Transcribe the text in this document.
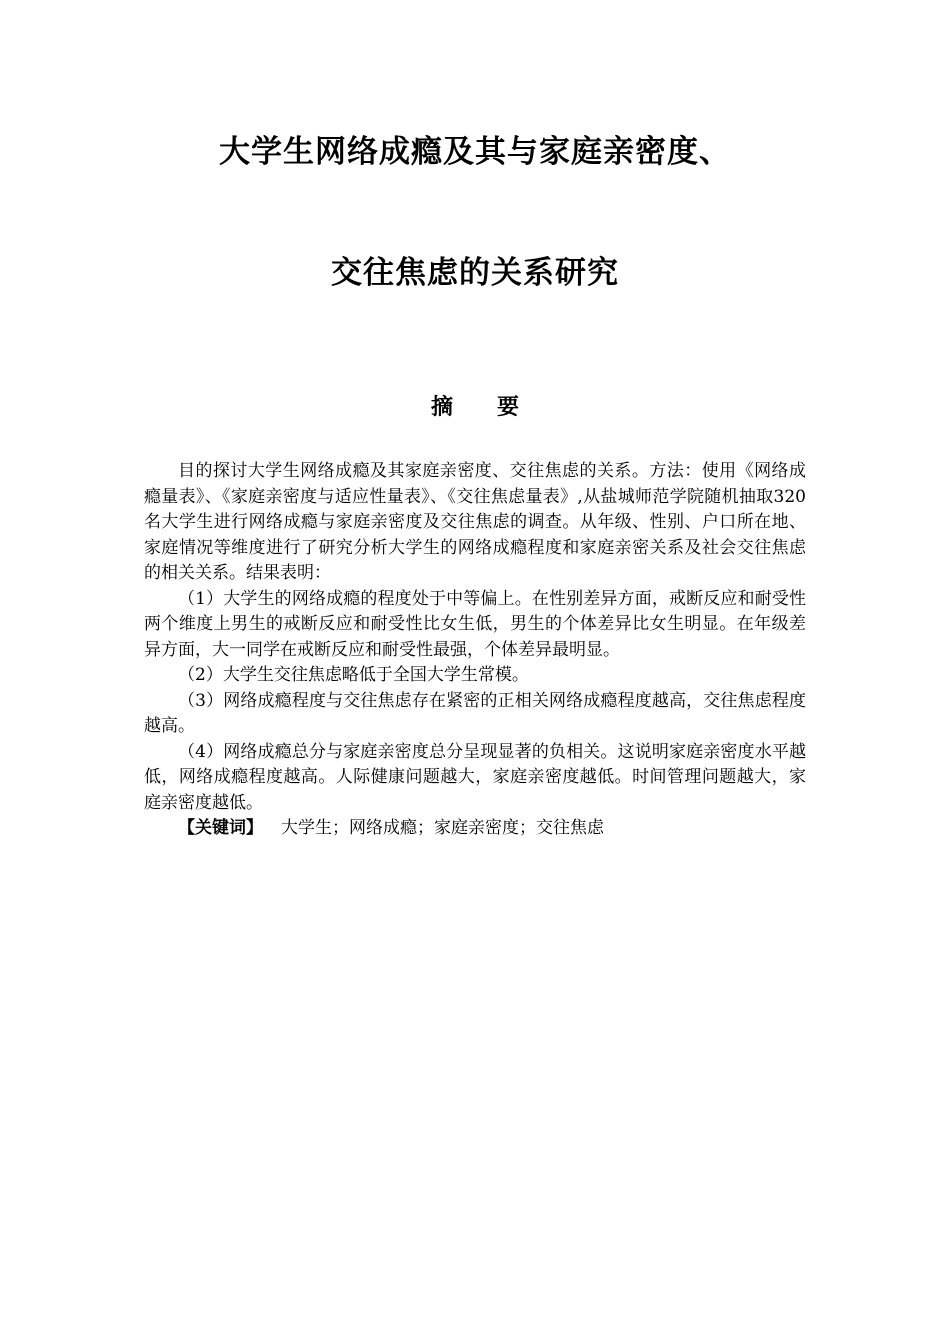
大学生网络成瘾及其与家庭亲密度、
交往焦虑的关系研究
摘 要

目的探讨大学生网络成瘾及其家庭亲密度、交往焦虑的关系。方法：使用《网络成瘾量表》、《家庭亲密度与适应性量表》、《交往焦虑量表》,从盐城师范学院随机抽取320名大学生进行网络成瘾与家庭亲密度及交往焦虑的调查。从年级、性别、户口所在地、家庭情况等维度进行了研究分析大学生的网络成瘾程度和家庭亲密关系及社会交往焦虑的相关关系。结果表明：

（1）大学生的网络成瘾的程度处于中等偏上。在性别差异方面，戒断反应和耐受性两个维度上男生的戒断反应和耐受性比女生低，男生的个体差异比女生明显。在年级差异方面，大一同学在戒断反应和耐受性最强，个体差异最明显。

（2）大学生交往焦虑略低于全国大学生常模。

（3）网络成瘾程度与交往焦虑存在紧密的正相关网络成瘾程度越高，交往焦虑程度越高。

（4）网络成瘾总分与家庭亲密度总分呈现显著的负相关。这说明家庭亲密度水平越低，网络成瘾程度越高。人际健康问题越大，家庭亲密度越低。时间管理问题越大，家庭亲密度越低。

【关键词】 大学生；网络成瘾；家庭亲密度；交往焦虑
